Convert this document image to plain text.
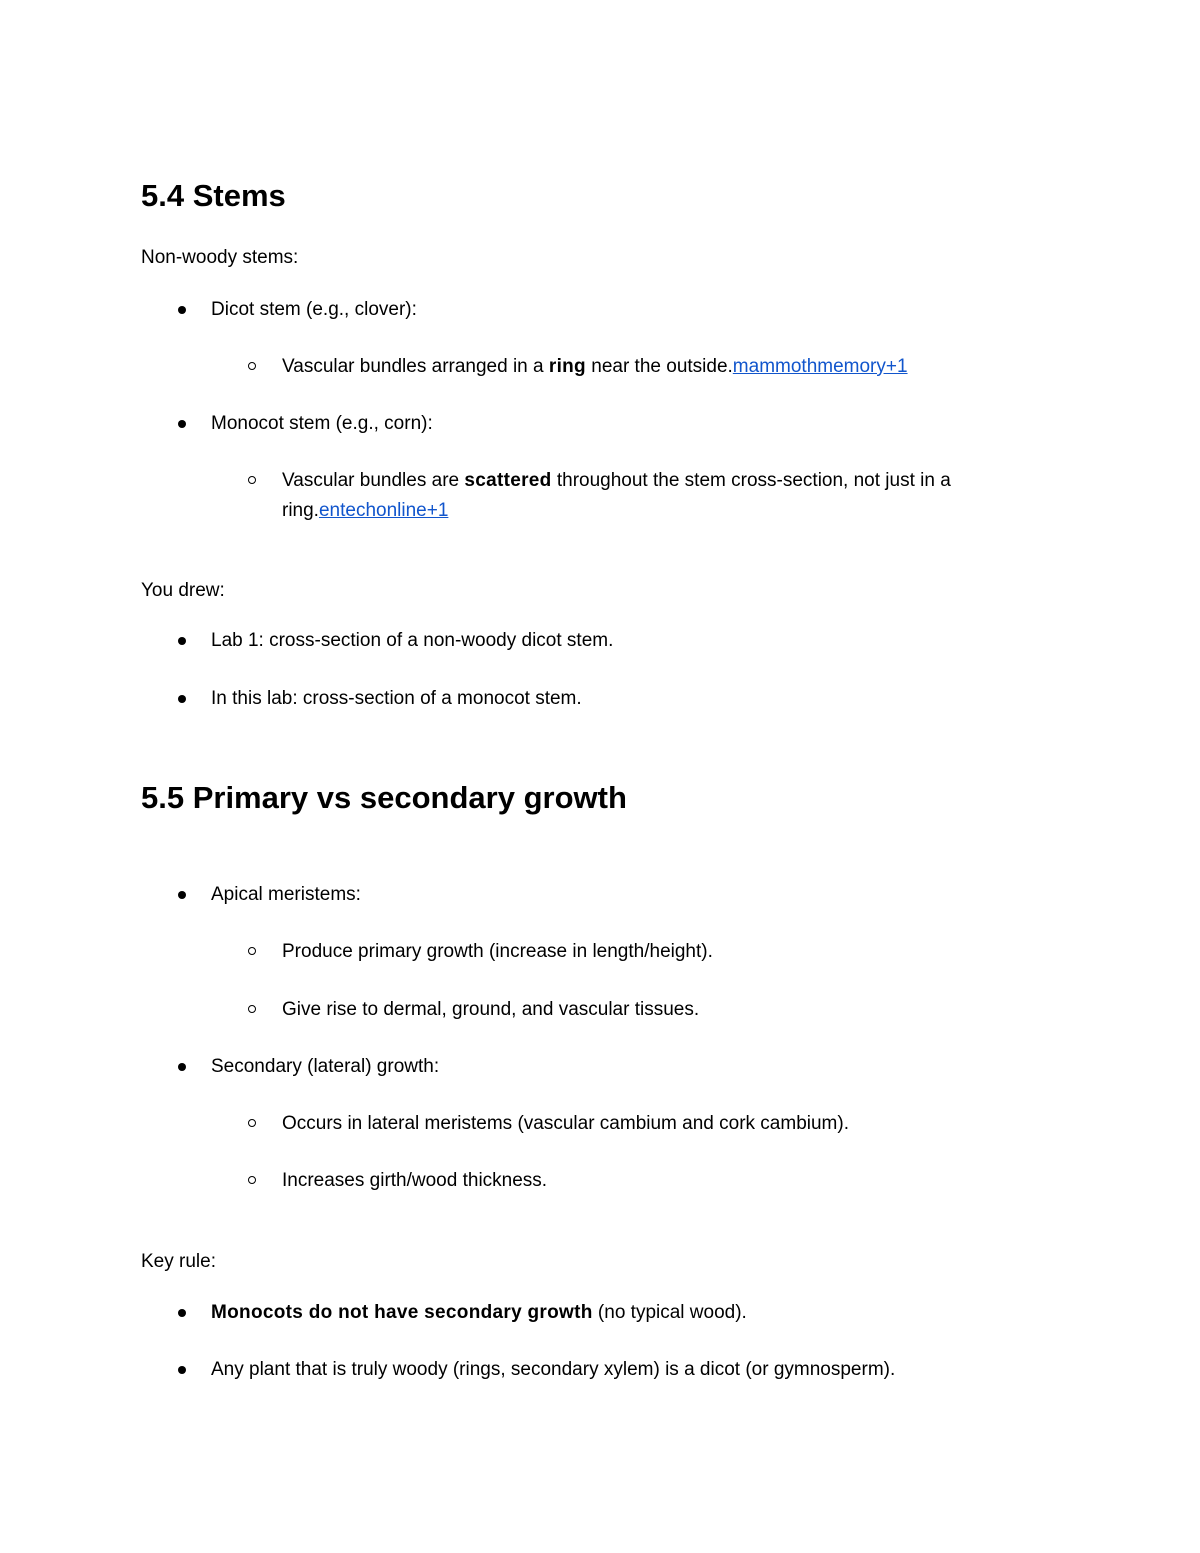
5.4 Stems

Non-woody stems:

Dicot stem (e.g., clover):
Vascular bundles arranged in a ring near the outside.mammothmemory+1
Monocot stem (e.g., corn):
Vascular bundles are scattered throughout the stem cross-section, not just in a ring.entechonline+1

You drew:

Lab 1: cross-section of a non-woody dicot stem.
In this lab: cross-section of a monocot stem.
5.5 Primary vs secondary growth
Apical meristems:
Produce primary growth (increase in length/height).
Give rise to dermal, ground, and vascular tissues.
Secondary (lateral) growth:
Occurs in lateral meristems (vascular cambium and cork cambium).
Increases girth/wood thickness.

Key rule:

Monocots do not have secondary growth (no typical wood).
Any plant that is truly woody (rings, secondary xylem) is a dicot (or gymnosperm).
